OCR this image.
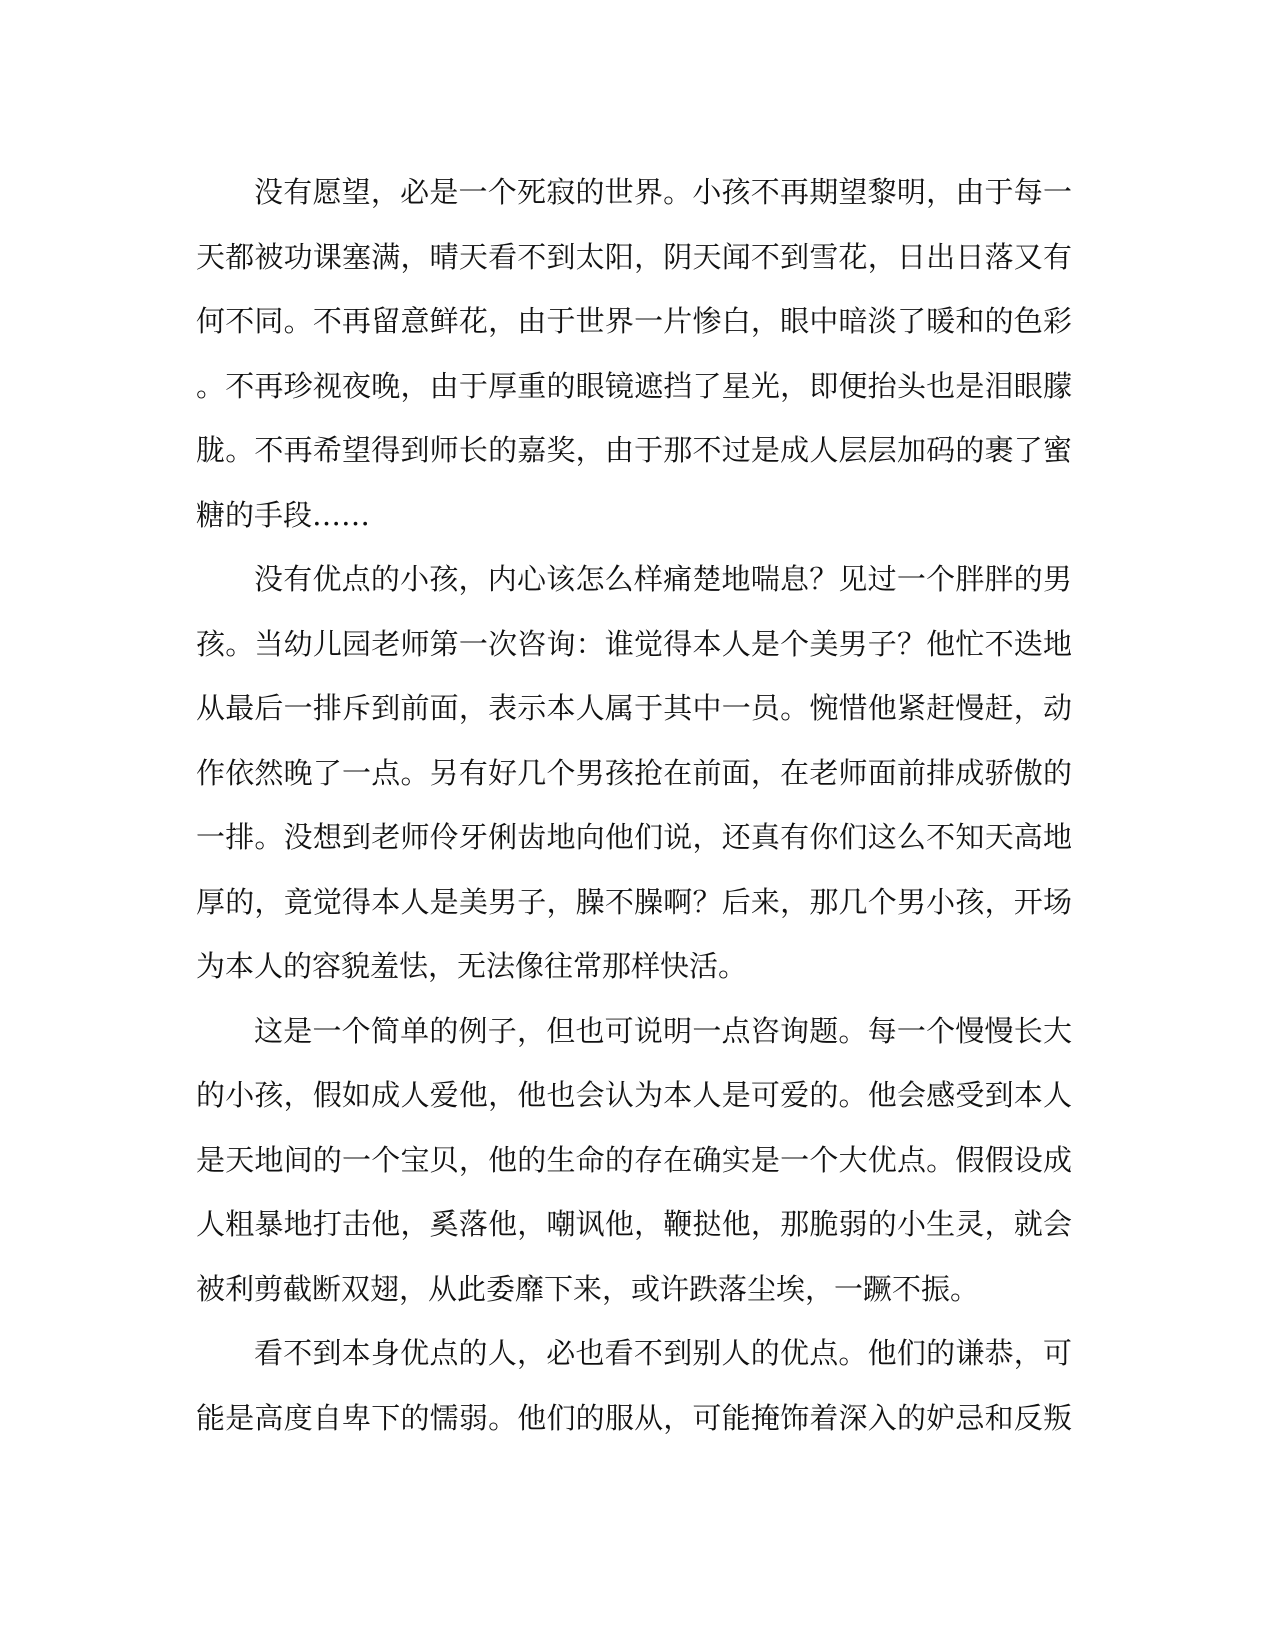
没有愿望，必是一个死寂的世界。小孩不再期望黎明，由于每一
天都被功课塞满，晴天看不到太阳，阴天闻不到雪花，日出日落又有
何不同。不再留意鲜花，由于世界一片惨白，眼中暗淡了暖和的色彩
。不再珍视夜晚，由于厚重的眼镜遮挡了星光，即便抬头也是泪眼朦
胧。不再希望得到师长的嘉奖，由于那不过是成人层层加码的裹了蜜
糖的手段……
没有优点的小孩，内心该怎么样痛楚地喘息？见过一个胖胖的男
孩。当幼儿园老师第一次咨询：谁觉得本人是个美男子？他忙不迭地
从最后一排斥到前面，表示本人属于其中一员。惋惜他紧赶慢赶，动
作依然晚了一点。另有好几个男孩抢在前面，在老师面前排成骄傲的
一排。没想到老师伶牙俐齿地向他们说，还真有你们这么不知天高地
厚的，竟觉得本人是美男子，臊不臊啊？后来，那几个男小孩，开场
为本人的容貌羞怯，无法像往常那样快活。
这是一个简单的例子，但也可说明一点咨询题。每一个慢慢长大
的小孩，假如成人爱他，他也会认为本人是可爱的。他会感受到本人
是天地间的一个宝贝，他的生命的存在确实是一个大优点。假假设成
人粗暴地打击他，奚落他，嘲讽他，鞭挞他，那脆弱的小生灵，就会
被利剪截断双翅，从此委靡下来，或许跌落尘埃，一蹶不振。
看不到本身优点的人，必也看不到别人的优点。他们的谦恭，可
能是高度自卑下的懦弱。他们的服从，可能掩饰着深入的妒忌和反叛
